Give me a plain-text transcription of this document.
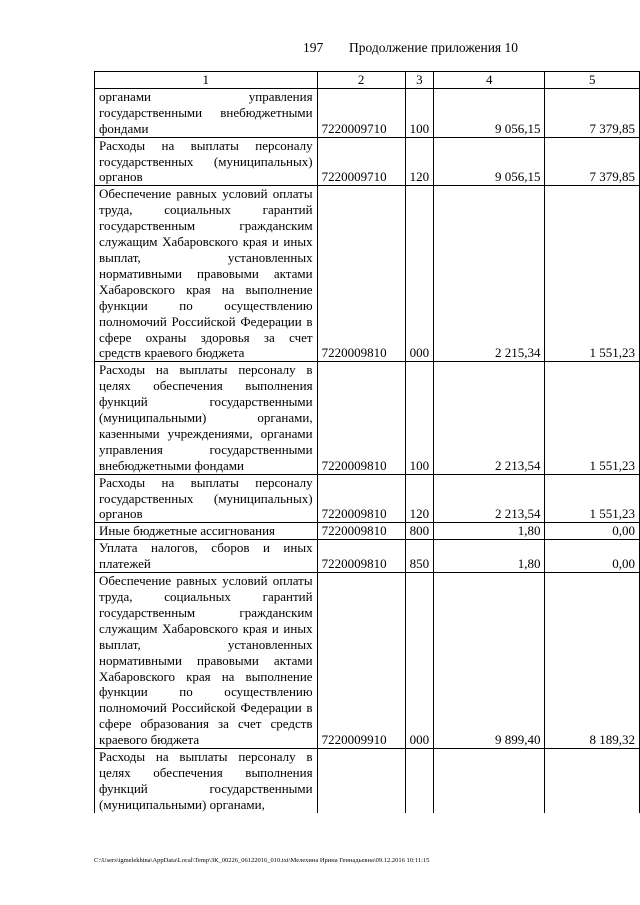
197 Продолжение приложения 10
1	2	3	4	5
органами управления государственными внебюджетными фондами	7220009710	100	9 056,15	7 379,85
Расходы на выплаты персоналу государственных (муниципальных) органов	7220009710	120	9 056,15	7 379,85
Обеспечение равных условий оплаты труда, социальных гарантий государственным гражданским служащим Хабаровского края и иных выплат, установленных нормативными правовыми актами Хабаровского края на выполнение функции по осуществлению полномочий Российской Федерации в сфере охраны здоровья за счет средств краевого бюджета	7220009810	000	2 215,34	1 551,23
Расходы на выплаты персоналу в целях обеспечения выполнения функций государственными (муниципальными) органами, казенными учреждениями, органами управления государственными внебюджетными фондами	7220009810	100	2 213,54	1 551,23
Расходы на выплаты персоналу государственных (муниципальных) органов	7220009810	120	2 213,54	1 551,23
Иные бюджетные ассигнования	7220009810	800	1,80	0,00
Уплата налогов, сборов и иных платежей	7220009810	850	1,80	0,00
Обеспечение равных условий оплаты труда, социальных гарантий государственным гражданским служащим Хабаровского края и иных выплат, установленных нормативными правовыми актами Хабаровского края на выполнение функции по осуществлению полномочий Российской Федерации в сфере образования за счет средств краевого бюджета	7220009910	000	9 899,40	8 189,32
Расходы на выплаты персоналу в целях обеспечения выполнения функций государственными (муниципальными) органами,				
C:\Users\igmelekhina\AppData\Local\Temp\ЗК_00226_06122016_010.txt\Мелехина Ирина Геннадьевна\09.12.2016 10:11:15
